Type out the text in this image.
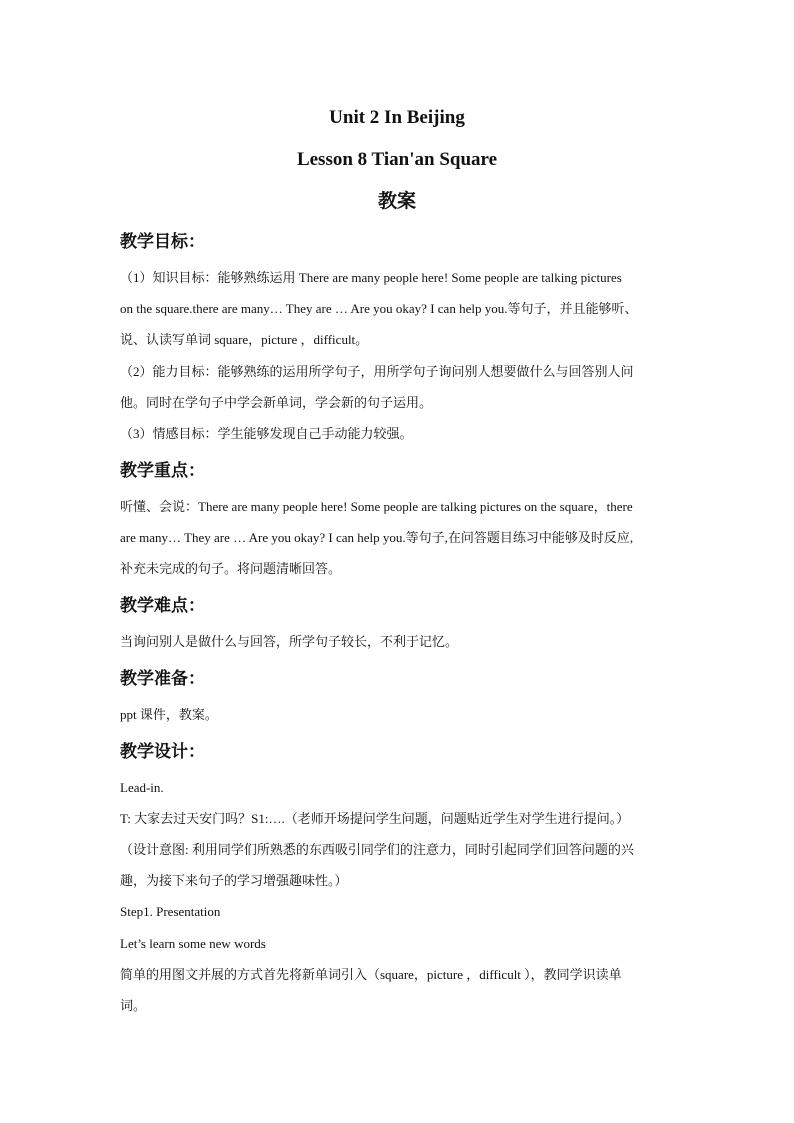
Unit 2 In Beijing
Lesson 8 Tian'an Square
教案
教学目标：
（1）知识目标：能够熟练运用 There are many people here! Some people are talking pictures
on the square.there are many… They are … Are you okay? I can help you.等句子，并且能够听、
说、认读写单词 square，picture ，difficult。
（2）能力目标：能够熟练的运用所学句子，用所学句子询问别人想要做什么与回答别人问
他。同时在学句子中学会新单词，学会新的句子运用。
（3）情感目标：学生能够发现自己手动能力较强。
教学重点：
听懂、会说：There are many people here! Some people are talking pictures on the square，there
are many… They are … Are you okay? I can help you.等句子,在问答题目练习中能够及时反应,
补充未完成的句子。将问题清晰回答。
教学难点：
当询问别人是做什么与回答，所学句子较长，不利于记忆。
教学准备：
ppt 课件，教案。
教学设计：
Lead-in.
T: 大家去过天安门吗？S1:….（老师开场提问学生问题，问题贴近学生对学生进行提问。）
（设计意图: 利用同学们所熟悉的东西吸引同学们的注意力，同时引起同学们回答问题的兴
趣，为接下来句子的学习增强趣味性。）
Step1. Presentation
Let’s learn some new words
简单的用图文并展的方式首先将新单词引入（square，picture ，difficult ），教同学识读单
词。
